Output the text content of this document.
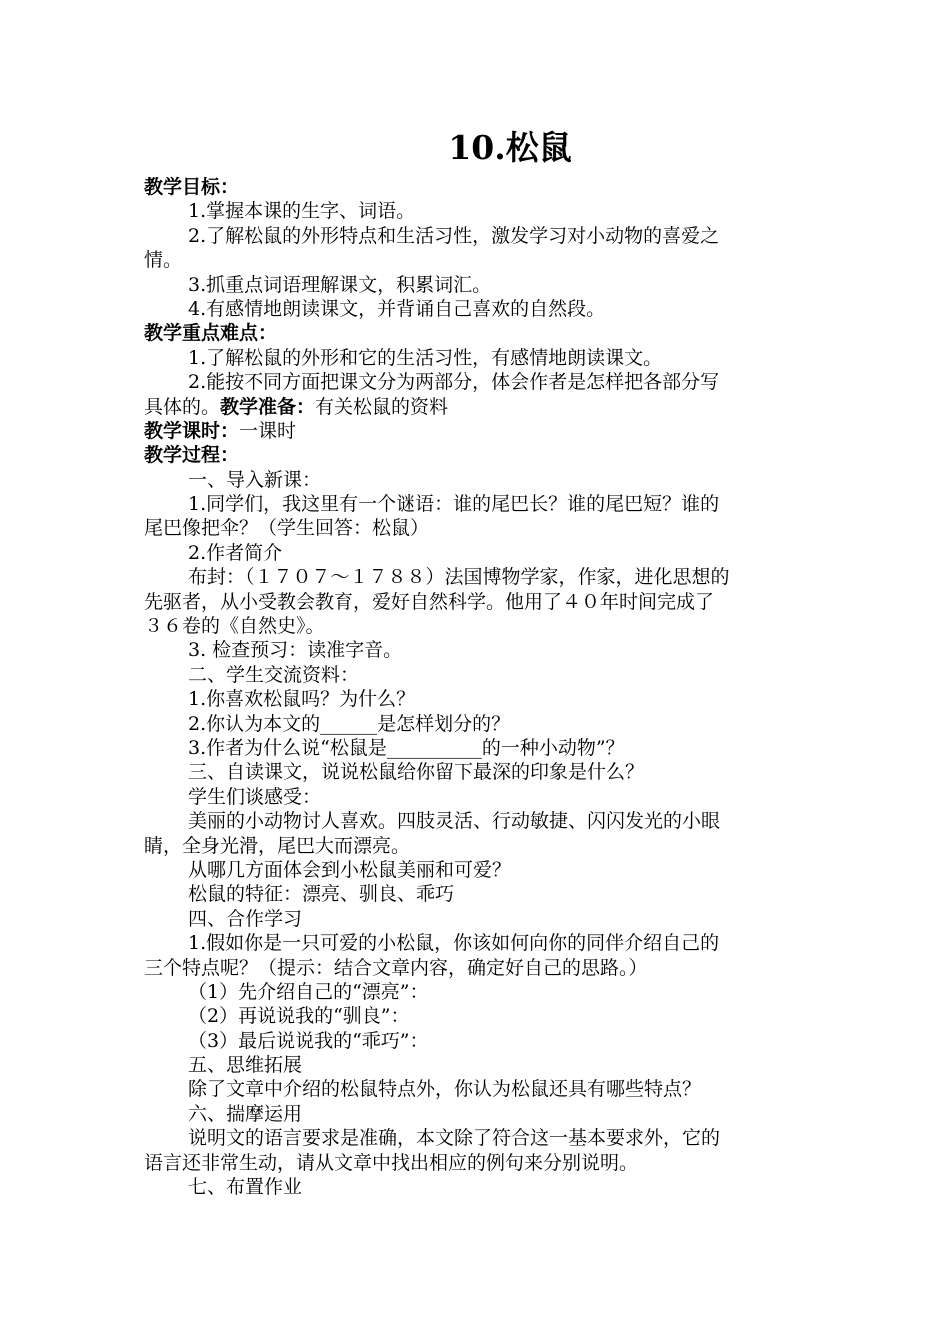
10.松鼠
教学目标：
1.掌握本课的生字、词语。
2.了解松鼠的外形特点和生活习性，激发学习对小动物的喜爱之
情。
3.抓重点词语理解课文，积累词汇。
4.有感情地朗读课文，并背诵自己喜欢的自然段。
教学重点难点：
1.了解松鼠的外形和它的生活习性，有感情地朗读课文。
2.能按不同方面把课文分为两部分，体会作者是怎样把各部分写
具体的。教学准备：有关松鼠的资料
教学课时：一课时
教学过程：
一、导入新课：
1.同学们，我这里有一个谜语：谁的尾巴长？谁的尾巴短？谁的
尾巴像把伞？（学生回答：松鼠）
2.作者简介
布封：（１７０７～１７８８）法国博物学家，作家，进化思想的
先驱者，从小受教会教育，爱好自然科学。他用了４０年时间完成了
３６卷的《自然史》。
3. 检查预习：读准字音。
二、学生交流资料：
1.你喜欢松鼠吗？为什么？
2.你认为本文的______是怎样划分的？
3.作者为什么说“松鼠是__________的一种小动物”？
三、自读课文，说说松鼠给你留下最深的印象是什么？
学生们谈感受：
美丽的小动物讨人喜欢。四肢灵活、行动敏捷、闪闪发光的小眼
睛，全身光滑，尾巴大而漂亮。
从哪几方面体会到小松鼠美丽和可爱？
松鼠的特征：漂亮、驯良、乖巧
四、合作学习
1.假如你是一只可爱的小松鼠，你该如何向你的同伴介绍自己的
三个特点呢？（提示：结合文章内容，确定好自己的思路。）
（1）先介绍自己的“漂亮”：
（2）再说说我的“驯良”：
（3）最后说说我的“乖巧”：
五、思维拓展
除了文章中介绍的松鼠特点外，你认为松鼠还具有哪些特点？
六、揣摩运用
说明文的语言要求是准确，本文除了符合这一基本要求外，它的
语言还非常生动，请从文章中找出相应的例句来分别说明。
七、布置作业
